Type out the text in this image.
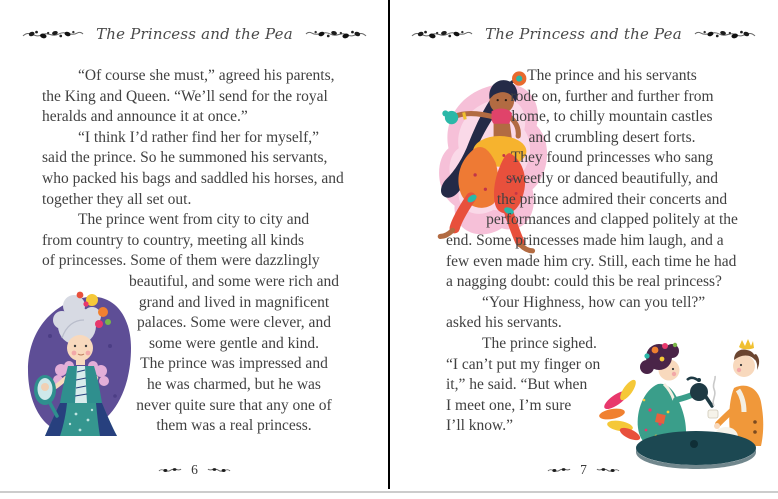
The Princess and the Pea
“Of course she must,” agreed his parents,
the King and Queen. “We’ll send for the royal
heralds and announce it at once.”
“I think I’d rather find her for myself,”
said the prince. So he summoned his servants,
who packed his bags and saddled his horses, and
together they all set out.
The prince went from city to city and
from country to country, meeting all kinds
of princesses. Some of them were dazzlingly
beautiful, and some were rich and
grand and lived in magnificent
palaces. Some were clever, and
some were gentle and kind.
The prince was impressed and
he was charmed, but he was
never quite sure that any one of
them was a real princess.
6
The Princess and the Pea
The prince and his servants
rode on, further and further from
home, to chilly mountain castles
and crumbling desert forts.
They found princesses who sang
sweetly or danced beautifully, and
the prince admired their concerts and
performances and clapped politely at the
end. Some princesses made him laugh, and a
few even made him cry. Still, each time he had
a nagging doubt: could this be real princess?
“Your Highness, how can you tell?”
asked his servants.
The prince sighed.
“I can’t put my finger on
it,” he said. “But when
I meet one, I’m sure
I’ll know.”
7
